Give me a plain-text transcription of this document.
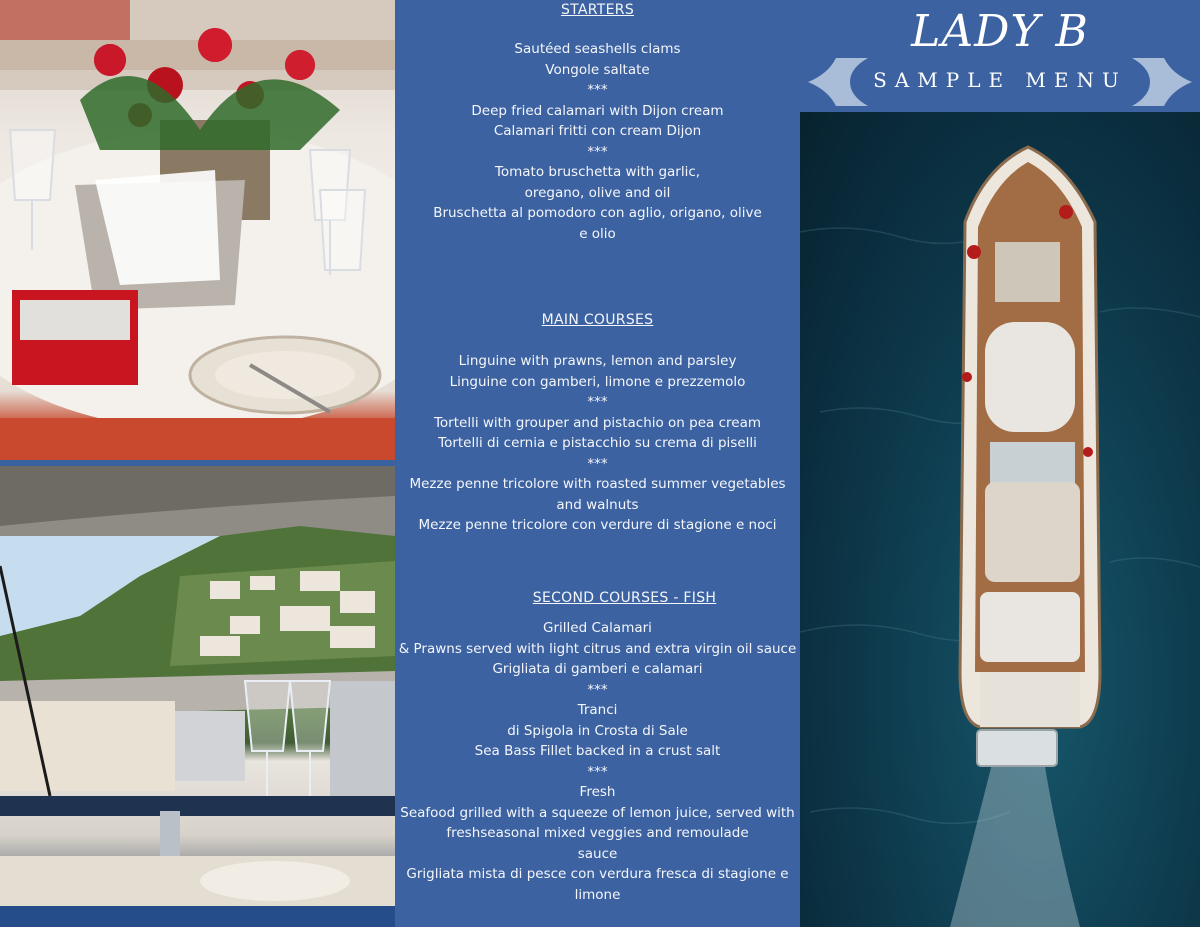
STARTERS
Sautéed seashells clams
Vongole saltate
***
Deep fried calamari with Dijon cream
Calamari fritti con cream Dijon
***
Tomato bruschetta with garlic,
oregano, olive and oil
Bruschetta al pomodoro con aglio, origano, olive
e olio
MAIN COURSES
Linguine with prawns, lemon and parsley
Linguine con gamberi, limone e prezzemolo
***
Tortelli with grouper and pistachio on pea cream
Tortelli di cernia e pistacchio su crema di piselli
***
Mezze penne tricolore with roasted summer vegetables
and walnuts
Mezze penne tricolore con verdure di stagione e noci
SECOND COURSES - FISH
Grilled Calamari
& Prawns served with light citrus and extra virgin oil sauce
Grigliata di gamberi e calamari
***
Tranci
di Spigola in Crosta di Sale
Sea Bass Fillet backed in a crust salt
***
Fresh
Seafood grilled with a squeeze of lemon juice, served with
freshseasonal mixed veggies and remoulade
sauce
Grigliata mista di pesce con verdura fresca di stagione e
limone
LADY B
SAMPLE MENU
